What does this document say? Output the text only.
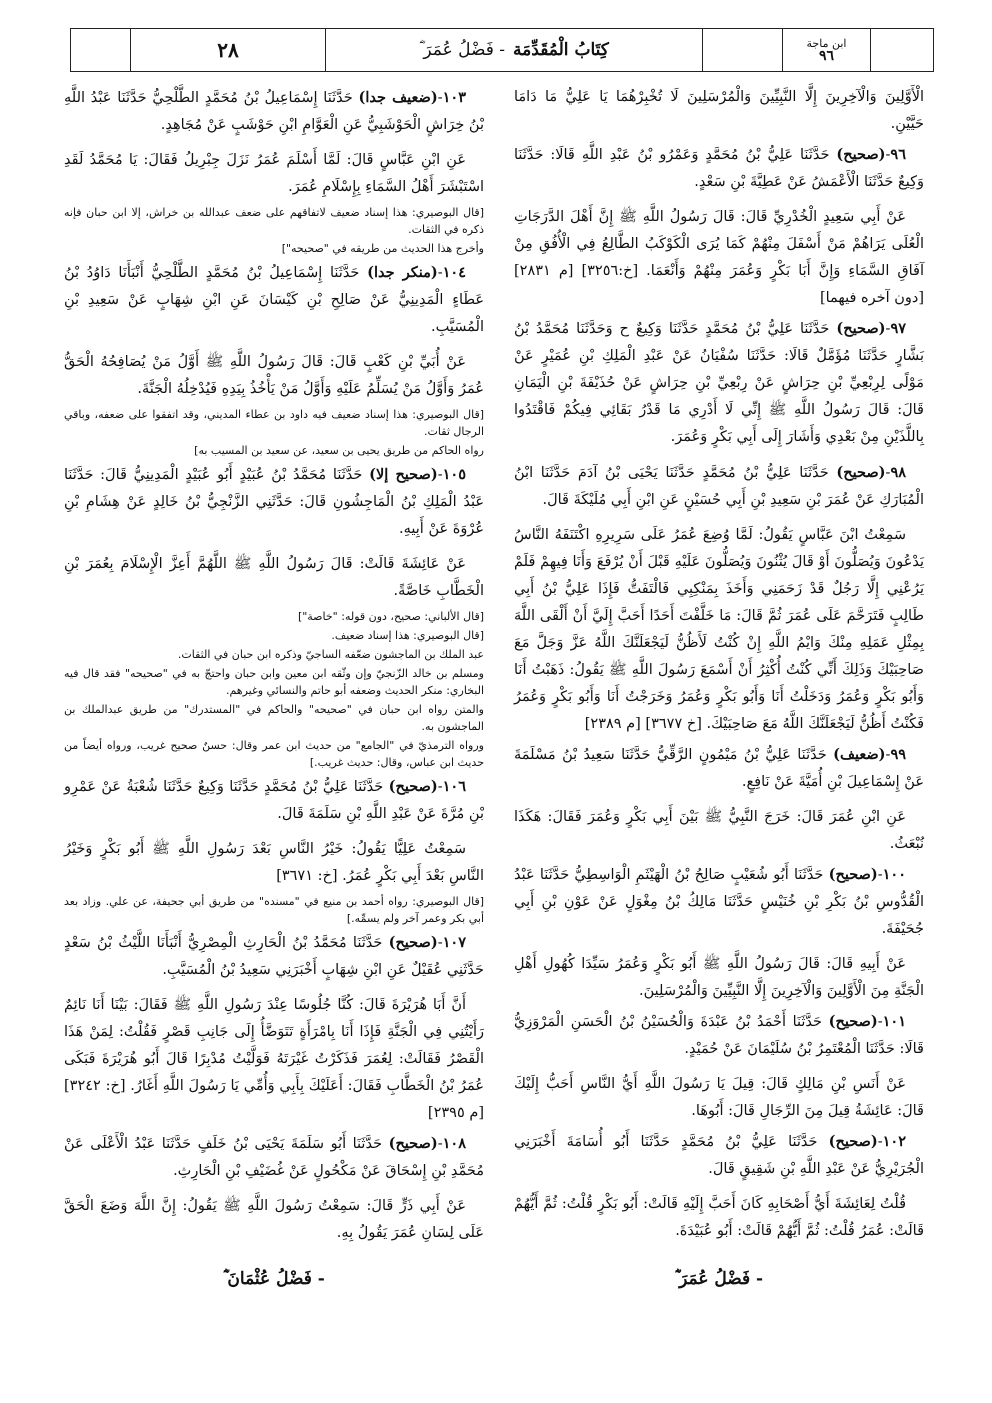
٢٨	كِتَابُ الْمُقَدِّمَة
- فَضْلُ عُمَرَ ؓ	ابن ماجة
٩٦

الْأَوَّلِينَ وَالْآخِرِينَ إِلَّا النَّبِيِّينَ وَالْمُرْسَلِينَ لَا تُخْبِرْهُمَا يَا عَلِيُّ مَا دَامَا حَيَّيْنِ.

٩٦-(صحيح) حَدَّثَنَا عَلِيُّ بْنُ مُحَمَّدٍ وَعَمْرُو بْنُ عَبْدِ اللَّهِ قَالَا: حَدَّثَنَا وَكِيعٌ حَدَّثَنَا الْأَعْمَشُ عَنْ عَطِيَّةَ بْنِ سَعْدٍ.

عَنْ أَبِي سَعِيدٍ الْخُدْرِيِّ قَالَ: قَالَ رَسُولُ اللَّهِ ﷺ إِنَّ أَهْلَ الدَّرَجَاتِ الْعُلَى يَرَاهُمْ مَنْ أَسْفَلَ مِنْهُمْ كَمَا يُرَى الْكَوْكَبُ الطَّالِعُ فِي الْأُفُقِ مِنْ آفَاقِ السَّمَاءِ وَإِنَّ أَبَا بَكْرٍ وَعُمَرَ مِنْهُمْ وَأَنْعَمَا. [خ:٣٢٥٦] [م ٢٨٣١] [دون آخره فيهما]

٩٧-(صحيح) حَدَّثَنَا عَلِيُّ بْنُ مُحَمَّدٍ حَدَّثَنَا وَكِيعٌ ح وَحَدَّثَنَا مُحَمَّدُ بْنُ بَشَّارٍ حَدَّثَنَا مُؤَمَّلٌ قَالَا: حَدَّثَنَا سُفْيَانُ عَنْ عَبْدِ الْمَلِكِ بْنِ عُمَيْرٍ عَنْ مَوْلًى لِرِبْعِيِّ بْنِ حِرَاشٍ عَنْ رِبْعِيِّ بْنِ حِرَاشٍ عَنْ حُذَيْفَةَ بْنِ الْيَمَانِ قَالَ: قَالَ رَسُولُ اللَّهِ ﷺ إِنِّي لَا أَدْرِي مَا قَدْرُ بَقَائِي فِيكُمْ فَاقْتَدُوا بِاللَّذَيْنِ مِنْ بَعْدِي وَأَشَارَ إِلَى أَبِي بَكْرٍ وَعُمَرَ.

٩٨-(صحيح) حَدَّثَنَا عَلِيُّ بْنُ مُحَمَّدٍ حَدَّثَنَا يَحْيَى بْنُ آدَمَ حَدَّثَنَا ابْنُ الْمُبَارَكِ عَنْ عُمَرَ بْنِ سَعِيدِ بْنِ أَبِي حُسَيْنٍ عَنِ ابْنِ أَبِي مُلَيْكَةَ قَالَ.

سَمِعْتُ ابْنَ عَبَّاسٍ يَقُولُ: لَمَّا وُضِعَ عُمَرُ عَلَى سَرِيرِهِ اكْتَنَفَهُ النَّاسُ يَدْعُونَ وَيُصَلُّونَ أَوْ قَالَ يُثْنُونَ وَيُصَلُّونَ عَلَيْهِ قَبْلَ أَنْ يُرْفَعَ وَأَنَا فِيهِمْ فَلَمْ يَرُعْنِي إِلَّا رَجُلٌ قَدْ زَحَمَنِي وَأَخَذَ بِمَنْكِبِي فَالْتَفَتُّ فَإِذَا عَلِيُّ بْنُ أَبِي طَالِبٍ فَتَرَحَّمَ عَلَى عُمَرَ ثُمَّ قَالَ: مَا خَلَّفْتَ أَحَدًا أَحَبَّ إِلَيَّ أَنْ أَلْقَى اللَّهَ بِمِثْلِ عَمَلِهِ مِنْكَ وَايْمُ اللَّهِ إِنْ كُنْتُ لَأَظُنُّ لَيَجْعَلَنَّكَ اللَّهُ عَزَّ وَجَلَّ مَعَ صَاحِبَيْكَ وَذَلِكَ أَنِّي كُنْتُ أُكْثِرُ أَنْ أَسْمَعَ رَسُولَ اللَّهِ ﷺ يَقُولُ: ذَهَبْتُ أَنَا وَأَبُو بَكْرٍ وَعُمَرُ وَدَخَلْتُ أَنَا وَأَبُو بَكْرٍ وَعُمَرُ وَخَرَجْتُ أَنَا وَأَبُو بَكْرٍ وَعُمَرُ فَكُنْتُ أَظُنُّ لَيَجْعَلَنَّكَ اللَّهُ مَعَ صَاحِبَيْكَ. [خ ٣٦٧٧] [م ٢٣٨٩]

٩٩-(ضعيف) حَدَّثَنَا عَلِيُّ بْنُ مَيْمُونٍ الرَّقِّيُّ حَدَّثَنَا سَعِيدُ بْنُ مَسْلَمَةَ عَنْ إِسْمَاعِيلَ بْنِ أُمَيَّةَ عَنْ نَافِعٍ.

عَنِ ابْنِ عُمَرَ قَالَ: خَرَجَ النَّبِيُّ ﷺ بَيْنَ أَبِي بَكْرٍ وَعُمَرَ فَقَالَ: هَكَذَا نُبْعَثُ.

١٠٠-(صحيح) حَدَّثَنَا أَبُو شُعَيْبٍ صَالِحُ بْنُ الْهَيْثَمِ الْوَاسِطِيُّ حَدَّثَنَا عَبْدُ الْقُدُّوسِ بْنُ بَكْرِ بْنِ خُنَيْسٍ حَدَّثَنَا مَالِكُ بْنُ مِغْوَلٍ عَنْ عَوْنِ بْنِ أَبِي جُحَيْفَةَ.

عَنْ أَبِيهِ قَالَ: قَالَ رَسُولُ اللَّهِ ﷺ أَبُو بَكْرٍ وَعُمَرُ سَيِّدَا كُهُولِ أَهْلِ الْجَنَّةِ مِنَ الْأَوَّلِينَ وَالْآخِرِينَ إِلَّا النَّبِيِّينَ وَالْمُرْسَلِينَ.

١٠١-(صحيح) حَدَّثَنَا أَحْمَدُ بْنُ عَبْدَةَ وَالْحُسَيْنُ بْنُ الْحَسَنِ الْمَرْوَزِيُّ قَالَا: حَدَّثَنَا الْمُعْتَمِرُ بْنُ سُلَيْمَانَ عَنْ حُمَيْدٍ.

عَنْ أَنَسِ بْنِ مَالِكٍ قَالَ: قِيلَ يَا رَسُولَ اللَّهِ أَيُّ النَّاسِ أَحَبُّ إِلَيْكَ قَالَ: عَائِشَةُ قِيلَ مِنَ الرِّجَالِ قَالَ: أَبُوهَا.

١٠٢-(صحيح) حَدَّثَنَا عَلِيُّ بْنُ مُحَمَّدٍ حَدَّثَنَا أَبُو أُسَامَةَ أَخْبَرَنِي الْجُرَيْرِيُّ عَنْ عَبْدِ اللَّهِ بْنِ شَقِيقٍ قَالَ.

قُلْتُ لِعَائِشَةَ أَيُّ أَصْحَابِهِ كَانَ أَحَبَّ إِلَيْهِ قَالَتْ: أَبُو بَكْرٍ قُلْتُ: ثُمَّ أَيُّهُمْ قَالَتْ: عُمَرُ قُلْتُ: ثُمَّ أَيُّهُمْ قَالَتْ: أَبُو عُبَيْدَةَ.

- فَضْلُ عُمَرَ ؓ

١٠٣-(ضعيف جدا) حَدَّثَنَا إِسْمَاعِيلُ بْنُ مُحَمَّدٍ الطَّلْحِيُّ حَدَّثَنَا عَبْدُ اللَّهِ بْنُ خِرَاشٍ الْحَوْشَبِيُّ عَنِ الْعَوَّامِ ابْنِ حَوْشَبٍ عَنْ مُجَاهِدٍ.

عَنِ ابْنِ عَبَّاسٍ قَالَ: لَمَّا أَسْلَمَ عُمَرُ نَزَلَ جِبْرِيلُ فَقَالَ: يَا مُحَمَّدُ لَقَدِ اسْتَبْشَرَ أَهْلُ السَّمَاءِ بِإِسْلَامِ عُمَرَ.

[قال البوصيري: هذا إسناد ضعيف لاتفاقهم على ضعف عبدالله بن خراش، إلا ابن حبان فإنه ذكره في الثقات.

وأخرج هذا الحديث من طريقه في "صحيحه"]

١٠٤-(منكر جدا) حَدَّثَنَا إِسْمَاعِيلُ بْنُ مُحَمَّدٍ الطَّلْحِيُّ أَنْبَأَنَا دَاوُدُ بْنُ عَطَاءٍ الْمَدِينِيُّ عَنْ صَالِحِ بْنِ كَيْسَانَ عَنِ ابْنِ شِهَابٍ عَنْ سَعِيدِ بْنِ الْمُسَيَّبِ.

عَنْ أُبَيِّ بْنِ كَعْبٍ قَالَ: قَالَ رَسُولُ اللَّهِ ﷺ أَوَّلُ مَنْ يُصَافِحُهُ الْحَقُّ عُمَرُ وَأَوَّلُ مَنْ يُسَلِّمُ عَلَيْهِ وَأَوَّلُ مَنْ يَأْخُذُ بِيَدِهِ فَيُدْخِلُهُ الْجَنَّةَ.

[قال البوصيري: هذا إسناد ضعيف فيه داود بن عطاء المديني، وقد اتفقوا على ضعفه، وباقي الرجال ثقات.

رواه الحاكم من طريق يحيى بن سعيد، عن سعيد بن المسيب به]

١٠٥-(صحيح إلا) حَدَّثَنَا مُحَمَّدُ بْنُ عُبَيْدٍ أَبُو عُبَيْدٍ الْمَدِينِيُّ قَالَ: حَدَّثَنَا عَبْدُ الْمَلِكِ بْنُ الْمَاجِشُونِ قَالَ: حَدَّثَنِي الزَّنْجِيُّ بْنُ خَالِدٍ عَنْ هِشَامِ بْنِ عُرْوَةَ عَنْ أَبِيهِ.

عَنْ عَائِشَةَ قَالَتْ: قَالَ رَسُولُ اللَّهِ ﷺ اللَّهُمَّ أَعِزَّ الْإِسْلَامَ بِعُمَرَ بْنِ الْخَطَّابِ خَاصَّةً.

[قال الألباني: صحيح، دون قوله: "خاصة"]

[قال البوصيري: هذا إسناد ضعيف.

عبد الملك بن الماجشون ضعّفه الساجيّ وذكره ابن حبان في الثقات.

ومسلم بن خالد الزّنجيّ وإن وثّقه ابن معين وابن حبان واحتجّ به في "صحيحه" فقد قال فيه البخاري: منكر الحديث وضعفه أبو حاتم والنسائي وغيرهم.

والمتن رواه ابن حبان في "صحيحه" والحاكم في "المستدرك" من طريق عبدالملك بن الماجشون به.

ورواه الترمذيّ في "الجامع" من حديث ابن عمر وقال: حسنٌ صحيح غريب، ورواه أيضاً من حديث ابن عباس، وقال: حديث غريب.]

١٠٦-(صحيح) حَدَّثَنَا عَلِيُّ بْنُ مُحَمَّدٍ حَدَّثَنَا وَكِيعٌ حَدَّثَنَا شُعْبَةُ عَنْ عَمْرِو بْنِ مُرَّةَ عَنْ عَبْدِ اللَّهِ بْنِ سَلَمَةَ قَالَ.

سَمِعْتُ عَلِيًّا يَقُولُ: خَيْرُ النَّاسِ بَعْدَ رَسُولِ اللَّهِ ﷺ أَبُو بَكْرٍ وَخَيْرُ النَّاسِ بَعْدَ أَبِي بَكْرٍ عُمَرُ. [خ: ٣٦٧١]

[قال البوصيري: رواه أحمد بن منيع في "مسنده" من طريق أبي جحيفة، عن علي. وزاد بعد أبي بكر وعمر آخر ولم يسمِّه.]

١٠٧-(صحيح) حَدَّثَنَا مُحَمَّدُ بْنُ الْحَارِثِ الْمِصْرِيُّ أَنْبَأَنَا اللَّيْثُ بْنُ سَعْدٍ حَدَّثَنِي عُقَيْلٌ عَنِ ابْنِ شِهَابٍ أَخْبَرَنِي سَعِيدُ بْنُ الْمُسَيَّبِ.

أَنَّ أَبَا هُرَيْرَةَ قَالَ: كُنَّا جُلُوسًا عِنْدَ رَسُولِ اللَّهِ ﷺ فَقَالَ: بَيْنَا أَنَا نَائِمٌ رَأَيْتُنِي فِي الْجَنَّةِ فَإِذَا أَنَا بِامْرَأَةٍ تَتَوَضَّأُ إِلَى جَانِبِ قَصْرٍ فَقُلْتُ: لِمَنْ هَذَا الْقَصْرُ فَقَالَتْ: لِعُمَرَ فَذَكَرْتُ غَيْرَتَهُ فَوَلَّيْتُ مُدْبِرًا قَالَ أَبُو هُرَيْرَةَ فَبَكَى عُمَرُ بْنُ الْخَطَّابِ فَقَالَ: أَعَلَيْكَ بِأَبِي وَأُمِّي يَا رَسُولَ اللَّهِ أَغَارُ. [خ: ٣٢٤٢] [م ٢٣٩٥]

١٠٨-(صحيح) حَدَّثَنَا أَبُو سَلَمَةَ يَحْيَى بْنُ خَلَفٍ حَدَّثَنَا عَبْدُ الْأَعْلَى عَنْ مُحَمَّدِ بْنِ إِسْحَاقَ عَنْ مَكْحُولٍ عَنْ غُضَيْفِ بْنِ الْحَارِثِ.

عَنْ أَبِي ذَرٍّ قَالَ: سَمِعْتُ رَسُولَ اللَّهِ ﷺ يَقُولُ: إِنَّ اللَّهَ وَضَعَ الْحَقَّ عَلَى لِسَانِ عُمَرَ يَقُولُ بِهِ.

- فَضْلُ عُثْمَانَ ؓ
